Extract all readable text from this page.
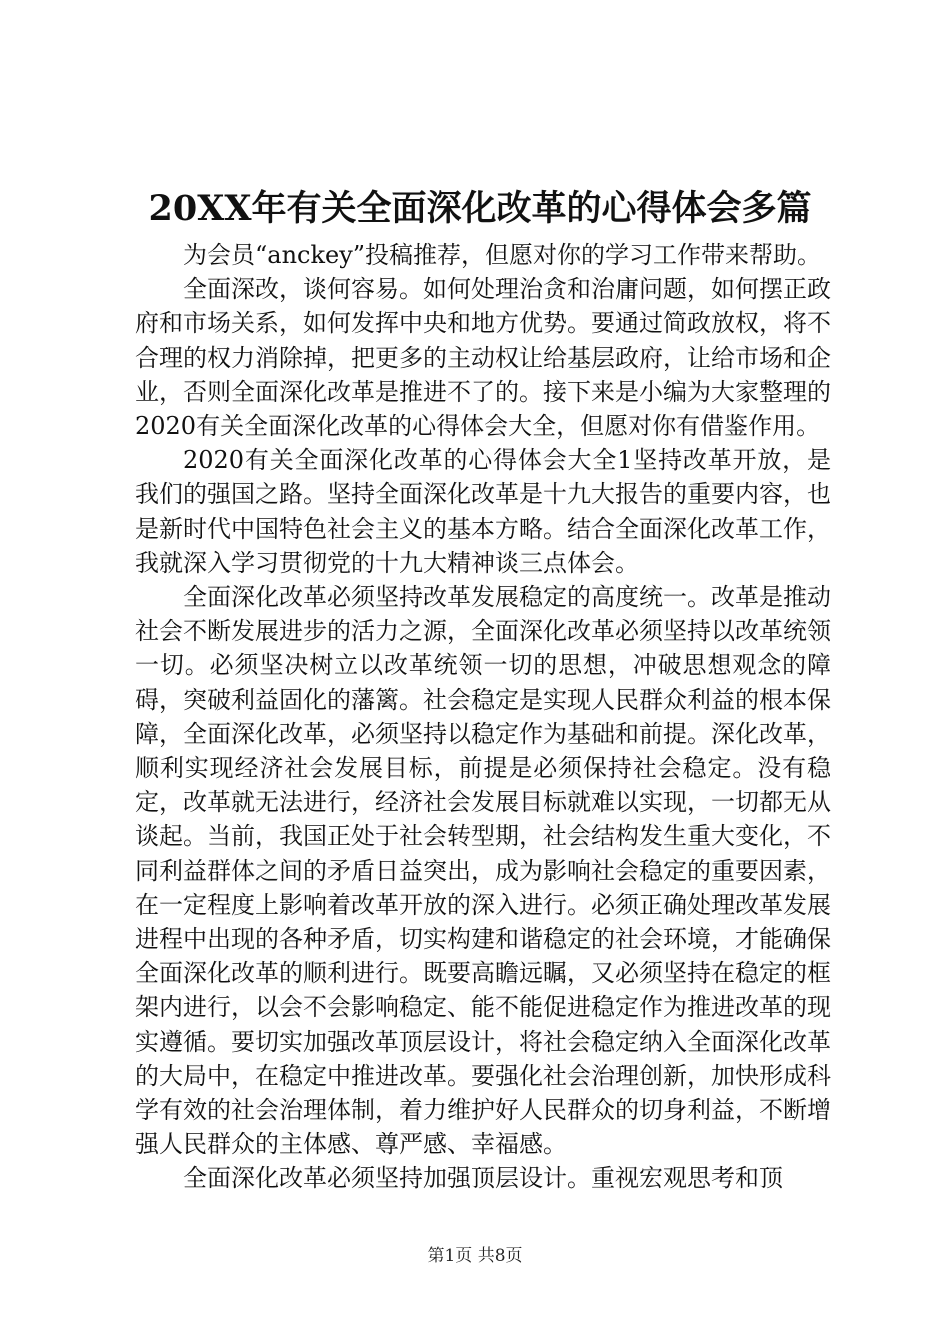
20XX年有关全面深化改革的心得体会多篇

为会员“anckey”投稿推荐，但愿对你的学习工作带来帮助。

全面深改，谈何容易。如何处理治贪和治庸问题，如何摆正政府和市场关系，如何发挥中央和地方优势。要通过简政放权，将不合理的权力消除掉，把更多的主动权让给基层政府，让给市场和企业，否则全面深化改革是推进不了的。接下来是小编为大家整理的2020有关全面深化改革的心得体会大全，但愿对你有借鉴作用。

2020有关全面深化改革的心得体会大全1坚持改革开放，是我们的强国之路。坚持全面深化改革是十九大报告的重要内容，也是新时代中国特色社会主义的基本方略。结合全面深化改革工作，我就深入学习贯彻党的十九大精神谈三点体会。

全面深化改革必须坚持改革发展稳定的高度统一。改革是推动社会不断发展进步的活力之源，全面深化改革必须坚持以改革统领一切。必须坚决树立以改革统领一切的思想，冲破思想观念的障碍，突破利益固化的藩篱。社会稳定是实现人民群众利益的根本保障，全面深化改革，必须坚持以稳定作为基础和前提。深化改革，顺利实现经济社会发展目标，前提是必须保持社会稳定。没有稳定，改革就无法进行，经济社会发展目标就难以实现，一切都无从谈起。当前，我国正处于社会转型期，社会结构发生重大变化，不同利益群体之间的矛盾日益突出，成为影响社会稳定的重要因素，在一定程度上影响着改革开放的深入进行。必须正确处理改革发展进程中出现的各种矛盾，切实构建和谐稳定的社会环境，才能确保全面深化改革的顺利进行。既要高瞻远瞩，又必须坚持在稳定的框架内进行，以会不会影响稳定、能不能促进稳定作为推进改革的现实遵循。要切实加强改革顶层设计，将社会稳定纳入全面深化改革的大局中，在稳定中推进改革。要强化社会治理创新，加快形成科学有效的社会治理体制，着力维护好人民群众的切身利益，不断增强人民群众的主体感、尊严感、幸福感。

全面深化改革必须坚持加强顶层设计。重视宏观思考和顶

第1页 共8页
